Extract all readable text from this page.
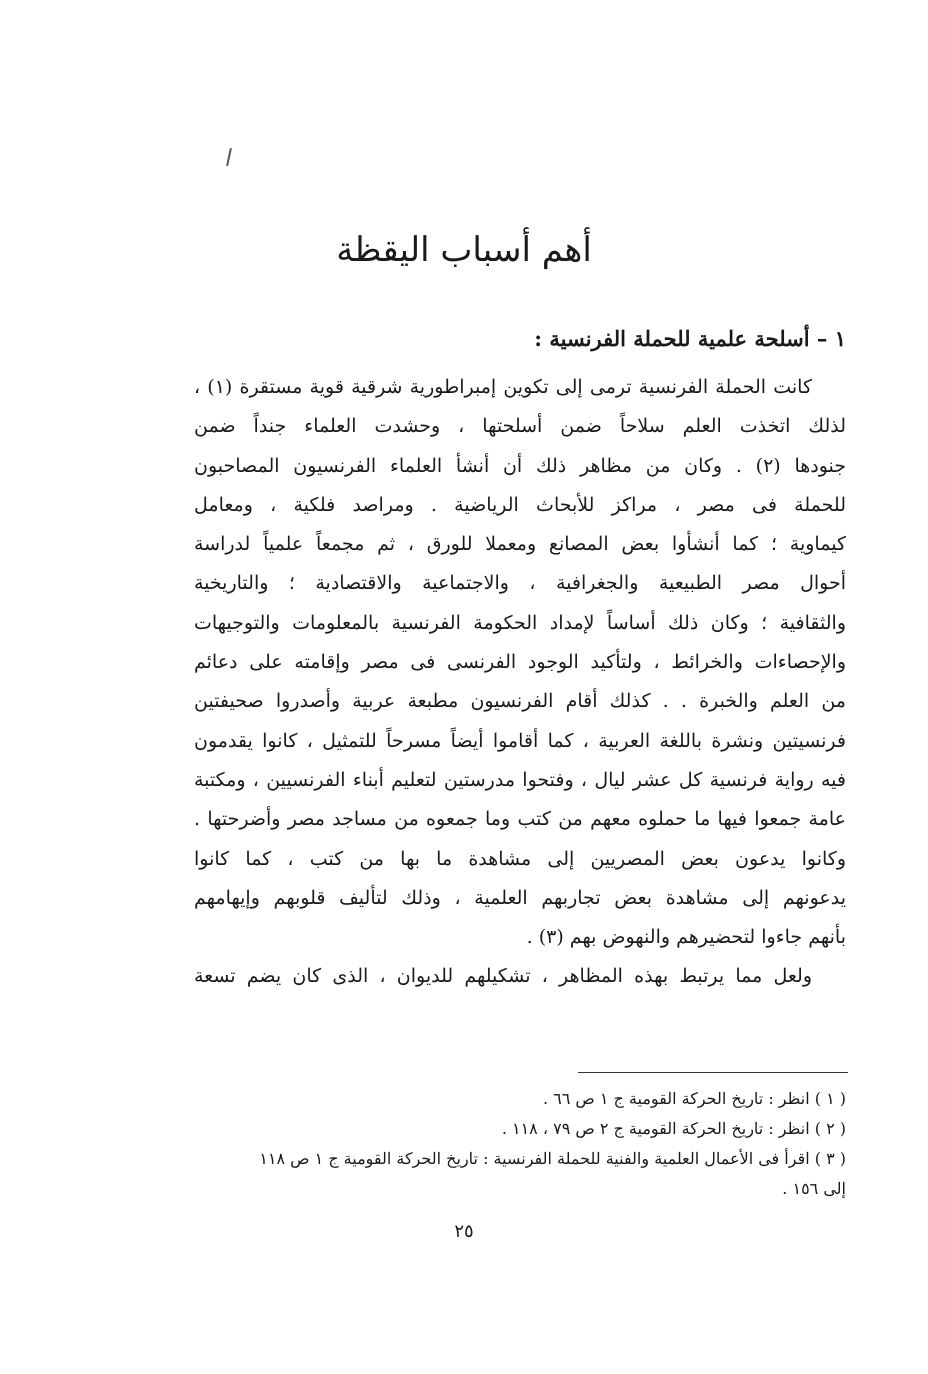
أهم أسباب اليقظة
١ – أسلحة علمية للحملة الفرنسية :
كانت الحملة الفرنسية ترمى إلى تكوين إمبراطورية شرقية قوية مستقرة (١) ،
لذلك اتخذت العلم سلاحاً ضمن أسلحتها ، وحشدت العلماء جنداً ضمن
جنودها (٢) . وكان من مظاهر ذلك أن أنشأ العلماء الفرنسيون المصاحبون
للحملة فى مصر ، مراكز للأبحاث الرياضية . ومراصد فلكية ، ومعامل
كيماوية ؛ كما أنشأوا بعض المصانع ومعملا للورق ، ثم مجمعاً علمياً لدراسة
أحوال مصر الطبيعية والجغرافية ، والاجتماعية والاقتصادية ؛ والتاريخية
والثقافية ؛ وكان ذلك أساساً لإمداد الحكومة الفرنسية بالمعلومات والتوجيهات
والإحصاءات والخرائط ، ولتأكيد الوجود الفرنسى فى مصر وإقامته على دعائم
من العلم والخبرة . . كذلك أقام الفرنسيون مطبعة عربية وأصدروا صحيفتين
فرنسيتين ونشرة باللغة العربية ، كما أقاموا أيضاً مسرحاً للتمثيل ، كانوا يقدمون
فيه رواية فرنسية كل عشر ليال ، وفتحوا مدرستين لتعليم أبناء الفرنسيين ، ومكتبة
عامة جمعوا فيها ما حملوه معهم من كتب وما جمعوه من مساجد مصر وأضرحتها .
وكانوا يدعون بعض المصريين إلى مشاهدة ما بها من كتب ، كما كانوا
يدعونهم إلى مشاهدة بعض تجاربهم العلمية ، وذلك لتأليف قلوبهم وإيهامهم
بأنهم جاءوا لتحضيرهم والنهوض بهم (٣) .
ولعل مما يرتبط بهذه المظاهر ، تشكيلهم للديوان ، الذى كان يضم تسعة
( ١ ) انظر : تاريخ الحركة القومية ج ١ ص ٦٦ .
( ٢ ) انظر : تاريخ الحركة القومية ج ٢ ص ٧٩ ، ١١٨ .
( ٣ ) اقرأ فى الأعمال العلمية والفنية للحملة الفرنسية : تاريخ الحركة القومية ج ١ ص ١١٨
إلى ١٥٦ .
٢٥
